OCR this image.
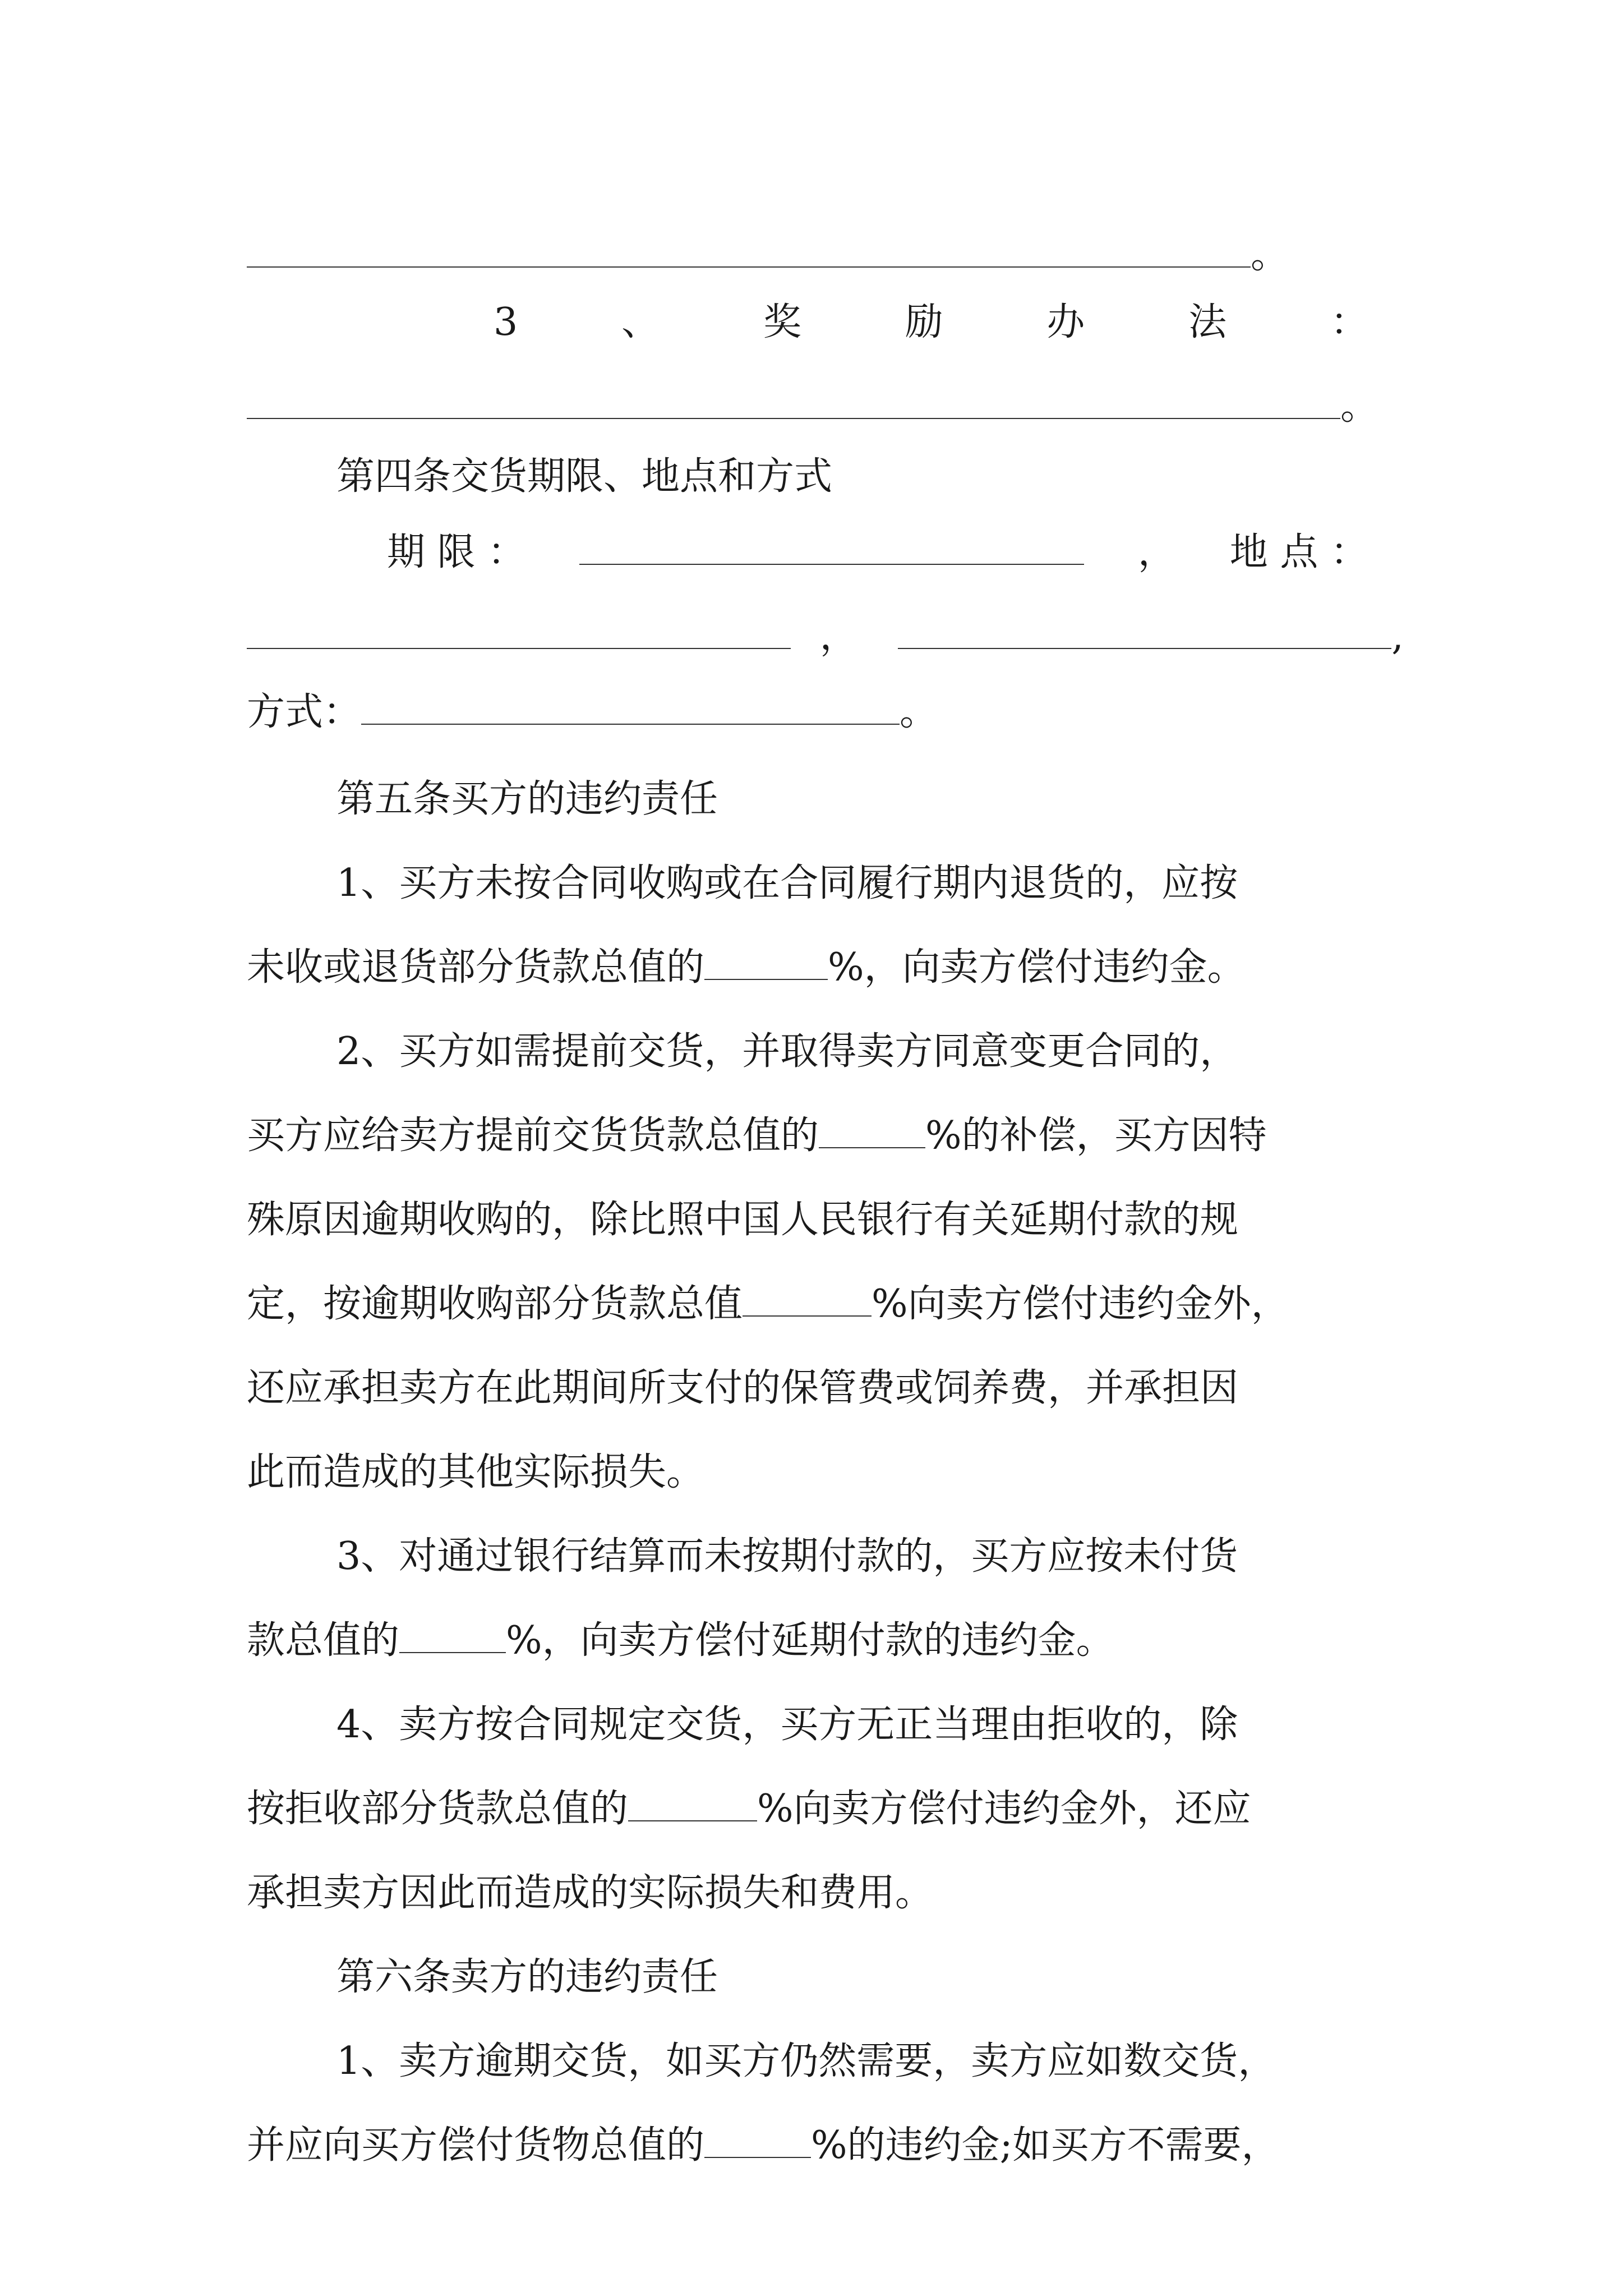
。
3	、	奖	励	办	法	：
。
第四条交货期限、地点和方式
期 限 ：	， 地 点 ：
，	,
方式：	。
第五条买方的违约责任
1、买方未按合同收购或在合同履行期内退货的，应按
未收或退货部分货款总值的	%，向卖方偿付违约金。
2、买方如需提前交货，并取得卖方同意变更合同的，
买方应给卖方提前交货货款总值的	%的补偿，买方因特
殊原因逾期收购的，除比照中国人民银行有关延期付款的规
定，按逾期收购部分货款总值	%向卖方偿付违约金外，
还应承担卖方在此期间所支付的保管费或饲养费，并承担因
此而造成的其他实际损失。
3、对通过银行结算而未按期付款的，买方应按未付货
款总值的	%，向卖方偿付延期付款的违约金。
4、卖方按合同规定交货，买方无正当理由拒收的，除
按拒收部分货款总值的	%向卖方偿付违约金外，还应
承担卖方因此而造成的实际损失和费用。
第六条卖方的违约责任
1、卖方逾期交货，如买方仍然需要，卖方应如数交货，
并应向买方偿付货物总值的	%的违约金;如买方不需要，
